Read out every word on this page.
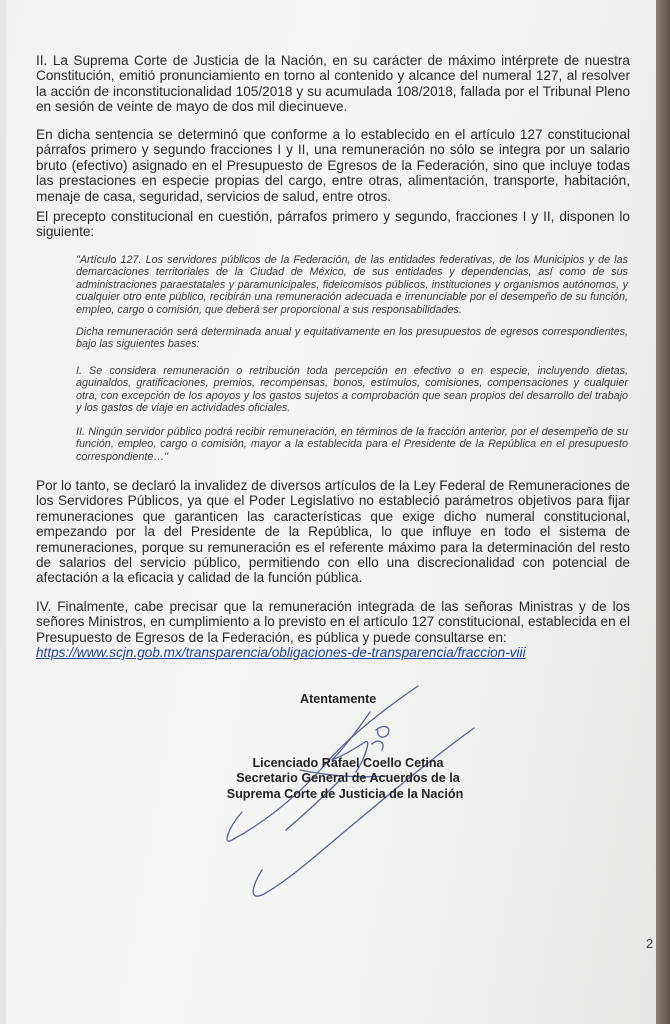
II. La Suprema Corte de Justicia de la Nación, en su carácter de máximo intérprete de nuestra Constitución, emitió pronunciamiento en torno al contenido y alcance del numeral 127, al resolver la acción de inconstitucionalidad 105/2018 y su acumulada 108/2018, fallada por el Tribunal Pleno en sesión de veinte de mayo de dos mil diecinueve.

En dicha sentencia se determinó que conforme a lo establecido en el artículo 127 constitucional párrafos primero y segundo fracciones I y II, una remuneración no sólo se integra por un salario bruto (efectivo) asignado en el Presupuesto de Egresos de la Federación, sino que incluye todas las prestaciones en especie propias del cargo, entre otras, alimentación, transporte, habitación, menaje de casa, seguridad, servicios de salud, entre otros.

El precepto constitucional en cuestión, párrafos primero y segundo, fracciones I y II, disponen lo siguiente:

"Artículo 127. Los servidores públicos de la Federación, de las entidades federativas, de los Municipios y de las demarcaciones territoriales de la Ciudad de México, de sus entidades y dependencias, así como de sus administraciones paraestatales y paramunicipales, fideicomisos públicos, instituciones y organismos autónomos, y cualquier otro ente público, recibirán una remuneración adecuada e irrenunciable por el desempeño de su función, empleo, cargo o comisión, que deberá ser proporcional a sus responsabilidades.

Dicha remuneración será determinada anual y equitativamente en los presupuestos de egresos correspondientes, bajo las siguientes bases:

I. Se considera remuneración o retribución toda percepción en efectivo o en especie, incluyendo dietas, aguinaldos, gratificaciones, premios, recompensas, bonos, estímulos, comisiones, compensaciones y cualquier otra, con excepción de los apoyos y los gastos sujetos a comprobación que sean propios del desarrollo del trabajo y los gastos de viaje en actividades oficiales.

II. Ningún servidor público podrá recibir remuneración, en términos de la fracción anterior, por el desempeño de su función, empleo, cargo o comisión, mayor a la establecida para el Presidente de la República en el presupuesto correspondiente…"

Por lo tanto, se declaró la invalidez de diversos artículos de la Ley Federal de Remuneraciones de los Servidores Públicos, ya que el Poder Legislativo no estableció parámetros objetivos para fijar remuneraciones que garanticen las características que exige dicho numeral constitucional, empezando por la del Presidente de la República, lo que influye en todo el sistema de remuneraciones, porque su remuneración es el referente máximo para la determinación del resto de salarios del servicio público, permitiendo con ello una discrecionalidad con potencial de afectación a la eficacia y calidad de la función pública.

IV. Finalmente, cabe precisar que la remuneración integrada de las señoras Ministras y de los señores Ministros, en cumplimiento a lo previsto en el artículo 127 constitucional, establecida en el Presupuesto de Egresos de la Federación, es pública y puede consultarse en:
https://www.scjn.gob.mx/transparencia/obligaciones-de-transparencia/fraccion-viii

Atentamente
Licenciado Rafael Coello Cetina
Secretario General de Acuerdos de la
Suprema Corte de Justicia de la Nación
2
